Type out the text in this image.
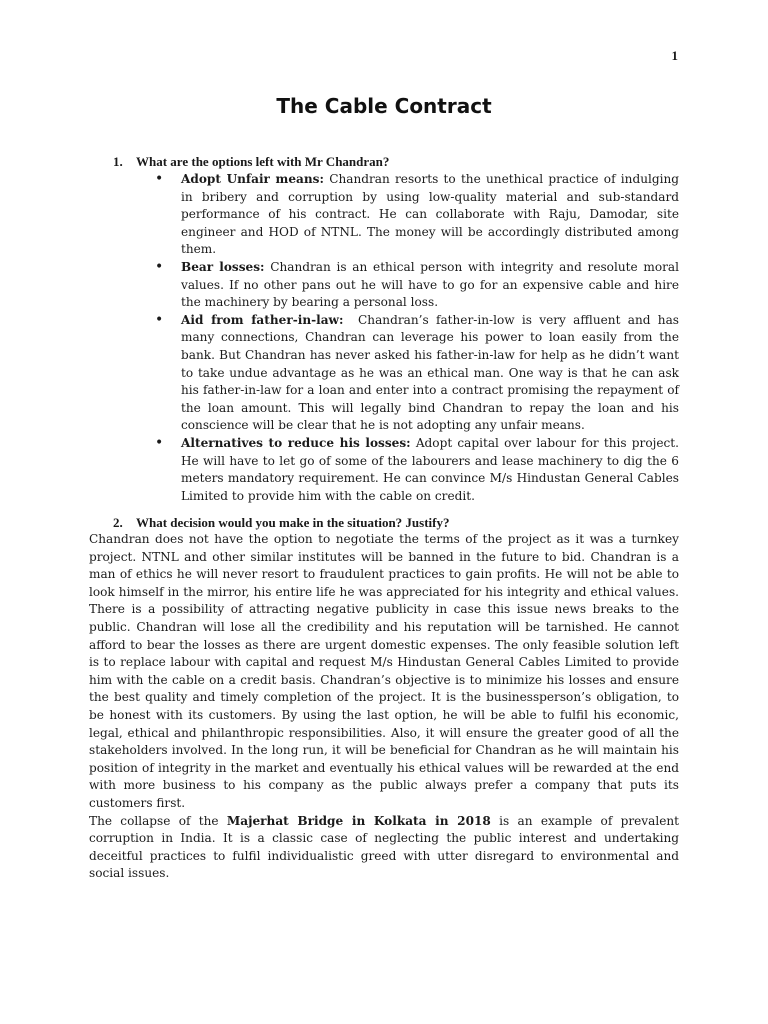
1
The Cable Contract
1. What are the options left with Mr Chandran?
• Adopt Unfair means: Chandran resorts to the unethical practice of indulging in bribery and corruption by using low-quality material and sub-standard performance of his contract. He can collaborate with Raju, Damodar, site engineer and HOD of NTNL. The money will be accordingly distributed among them.
• Bear losses: Chandran is an ethical person with integrity and resolute moral values. If no other pans out he will have to go for an expensive cable and hire the machinery by bearing a personal loss.
• Aid from father-in-law:  Chandran’s father-in-low is very affluent and has many connections, Chandran can leverage his power to loan easily from the bank. But Chandran has never asked his father-in-law for help as he didn’t want to take undue advantage as he was an ethical man. One way is that he can ask his father-in-law for a loan and enter into a contract promising the repayment of the loan amount. This will legally bind Chandran to repay the loan and his conscience will be clear that he is not adopting any unfair means.
• Alternatives to reduce his losses: Adopt capital over labour for this project. He will have to let go of some of the labourers and lease machinery to dig the 6 meters mandatory requirement. He can convince M/s Hindustan General Cables Limited to provide him with the cable on credit.
2. What decision would you make in the situation? Justify?

Chandran does not have the option to negotiate the terms of the project as it was a turnkey project. NTNL and other similar institutes will be banned in the future to bid. Chandran is a man of ethics he will never resort to fraudulent practices to gain profits. He will not be able to look himself in the mirror, his entire life he was appreciated for his integrity and ethical values. There is a possibility of attracting negative publicity in case this issue news breaks to the public. Chandran will lose all the credibility and his reputation will be tarnished. He cannot afford to bear the losses as there are urgent domestic expenses. The only feasible solution left is to replace labour with capital and request M/s Hindustan General Cables Limited to provide him with the cable on a credit basis. Chandran’s objective is to minimize his losses and ensure the best quality and timely completion of the project. It is the businessperson’s obligation, to be honest with its customers. By using the last option, he will be able to fulfil his economic, legal, ethical and philanthropic responsibilities. Also, it will ensure the greater good of all the stakeholders involved. In the long run, it will be beneficial for Chandran as he will maintain his position of integrity in the market and eventually his ethical values will be rewarded at the end with more business to his company as the public always prefer a company that puts its customers first.

The collapse of the Majerhat Bridge in Kolkata in 2018 is an example of prevalent corruption in India. It is a classic case of neglecting the public interest and undertaking deceitful practices to fulfil individualistic greed with utter disregard to environmental and social issues.
